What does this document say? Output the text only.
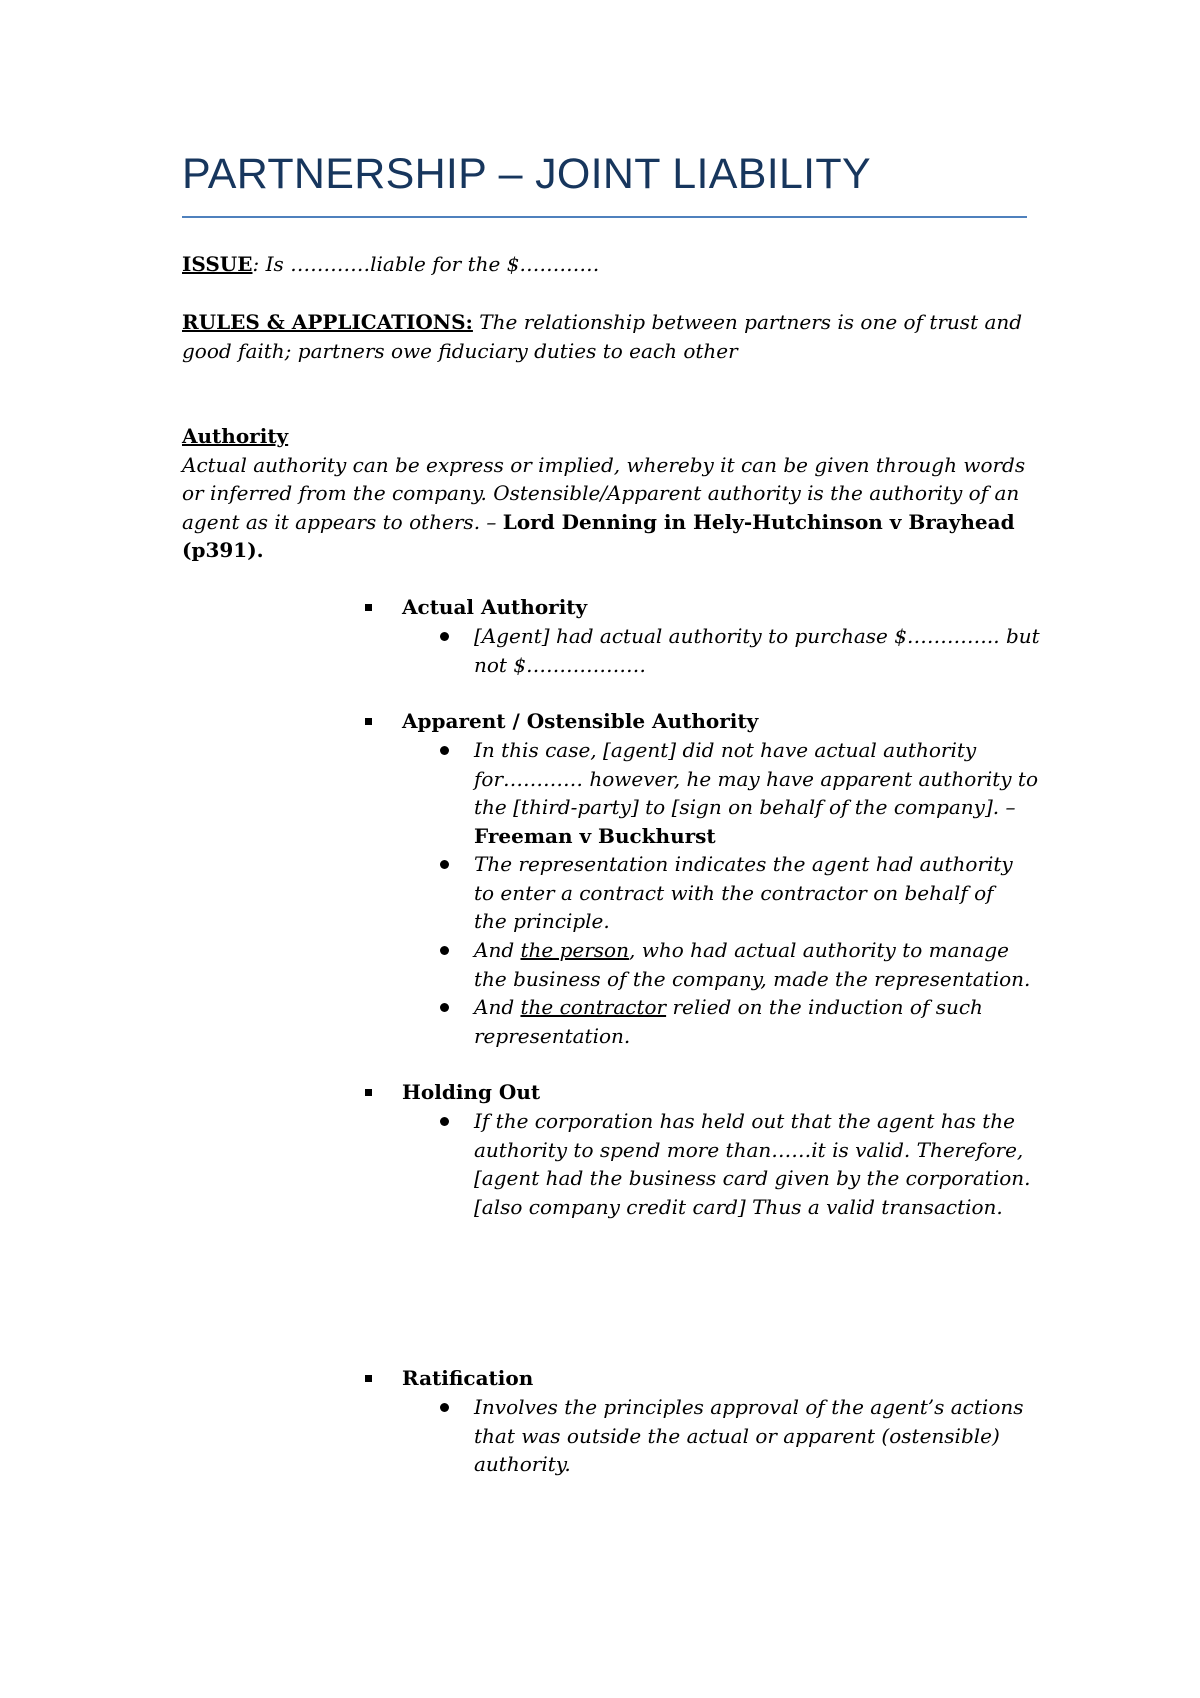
PARTNERSHIP – JOINT LIABILITY
ISSUE: Is …………liable for the $…………
RULES & APPLICATIONS: The relationship between partners is one of trust and
good faith; partners owe fiduciary duties to each other
Authority
Actual authority can be express or implied, whereby it can be given through words
or inferred from the company. Ostensible/Apparent authority is the authority of an
agent as it appears to others. – Lord Denning in Hely-Hutchinson v Brayhead
(p391).
Actual Authority
[Agent] had actual authority to purchase $………….. but
not $………………
Apparent / Ostensible Authority
In this case, [agent] did not have actual authority
for………… however, he may have apparent authority to
the [third-party] to [sign on behalf of the company]. –
Freeman v Buckhurst
The representation indicates the agent had authority
to enter a contract with the contractor on behalf of
the principle.
And the person, who had actual authority to manage
the business of the company, made the representation.
And the contractor relied on the induction of such
representation.
Holding Out
If the corporation has held out that the agent has the
authority to spend more than……it is valid. Therefore,
[agent had the business card given by the corporation.
[also company credit card] Thus a valid transaction.
Ratification
Involves the principles approval of the agent’s actions
that was outside the actual or apparent (ostensible)
authority.
